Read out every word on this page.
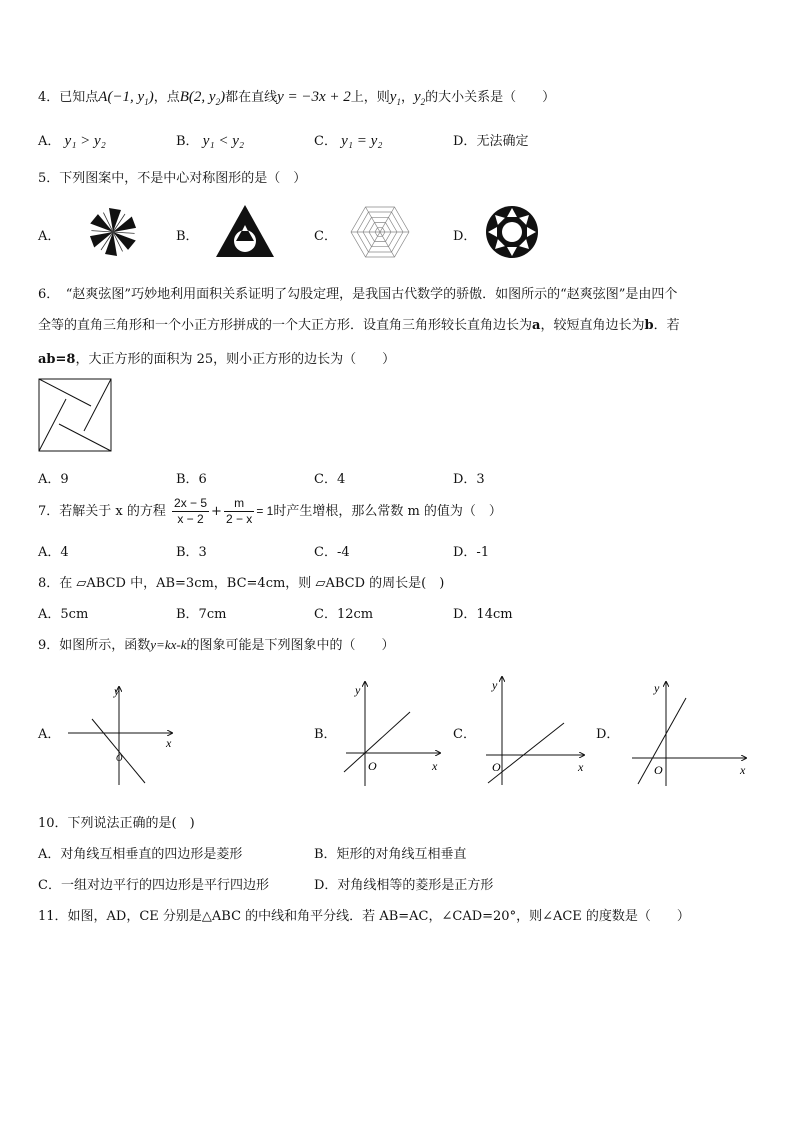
4．已知点A(−1, $y_1$)，点B(2, $y_2$)都在直线y = −3x + 2上，则$y_1$，$y_2$的大小关系是（　　）
A． y₁ > y₂	B． y₁ < y₂	C． y₁ = y₂	D．无法确定
5．下列图案中，不是中心对称图形的是（　）
A．	B．	C．	D．
6．　“赵爽弦图”巧妙地利用面积关系证明了勾股定理，是我国古代数学的骄傲．如图所示的“赵爽弦图”是由四个
全等的直角三角形和一个小正方形拼成的一个大正方形．设直角三角形较长直角边长为a，较短直角边长为b．若
ab=8，大正方形的面积为 25，则小正方形的边长为（　　）
A．9	B．6	C．4	D．3
7．若解关于 x 的方程 $\frac{2x - 5}{x - 2} + \frac{m}{2 - x} = 1$时产生增根，那么常数 m 的值为（　）
A．4	B．3	C．-4	D．-1
8．在 ▱ABCD 中，AB=3cm，BC=4cm，则 ▱ABCD 的周长是(　)
A．5cm	B．7cm	C．12cm	D．14cm
9．如图所示，函数y=kx-k的图象可能是下列图象中的（　　）
A．	B．	C．	D．
x
y
O
x
y
O	x
y
O	x
y
O
10．下列说法正确的是(　)
A．对角线互相垂直的四边形是菱形	B．矩形的对角线互相垂直
C．一组对边平行的四边形是平行四边形	D．对角线相等的菱形是正方形
11．如图，AD，CE 分别是△ABC 的中线和角平分线．若 AB=AC，∠CAD=20°，则∠ACE 的度数是（　　）
